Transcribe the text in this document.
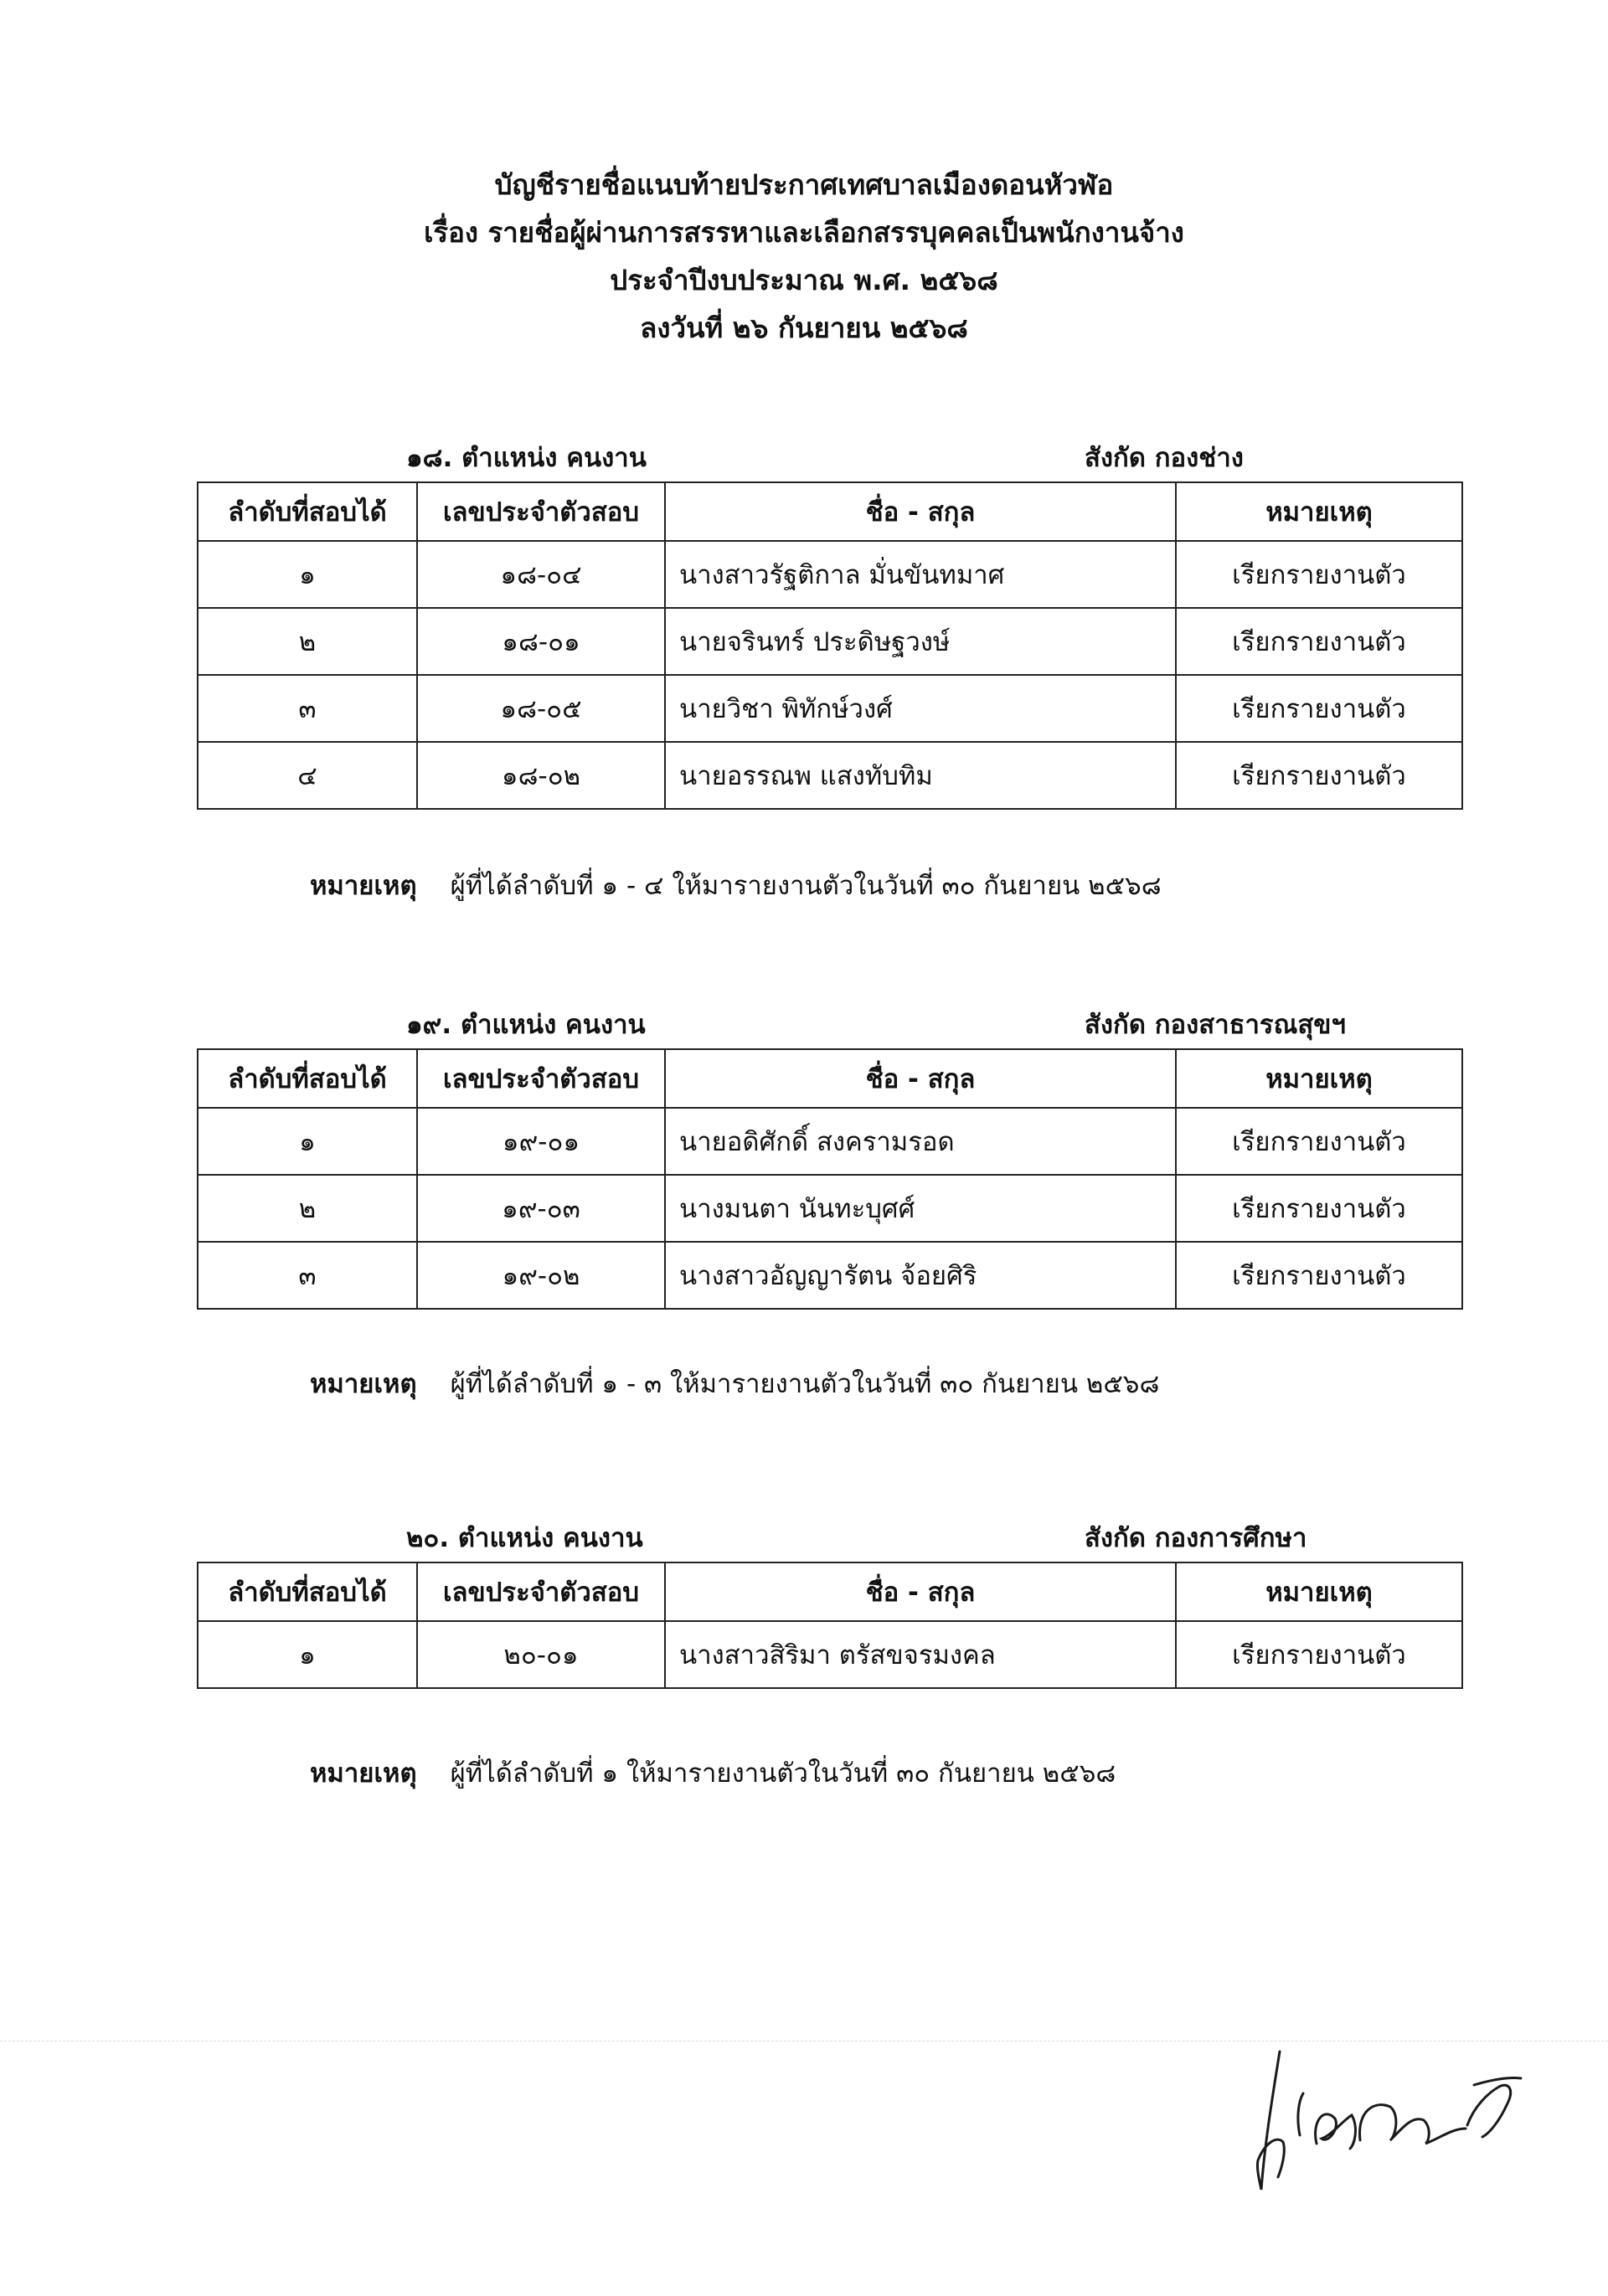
บัญชีรายชื่อแนบท้ายประกาศเทศบาลเมืองดอนหัวฬ่อ
เรื่อง รายชื่อผู้ผ่านการสรรหาและเลือกสรรบุคคลเป็นพนักงานจ้าง
ประจำปีงบประมาณ พ.ศ. ๒๕๖๘
ลงวันที่ ๒๖ กันยายน ๒๕๖๘
๑๘. ตำแหน่ง คนงาน	สังกัด กองช่าง
ลำดับที่สอบได้	เลขประจำตัวสอบ	ชื่อ - สกุล	หมายเหตุ
๑	๑๘-๐๔	นางสาวรัฐติกาล มั่นขันทมาศ	เรียกรายงานตัว
๒	๑๘-๐๑	นายจรินทร์ ประดิษฐวงษ์	เรียกรายงานตัว
๓	๑๘-๐๕	นายวิชา พิทักษ์วงศ์	เรียกรายงานตัว
๔	๑๘-๐๒	นายอรรณพ แสงทับทิม	เรียกรายงานตัว
หมายเหตุ ผู้ที่ได้ลำดับที่ ๑ - ๔ ให้มารายงานตัวในวันที่ ๓๐ กันยายน ๒๕๖๘
๑๙. ตำแหน่ง คนงาน	สังกัด กองสาธารณสุขฯ
ลำดับที่สอบได้	เลขประจำตัวสอบ	ชื่อ - สกุล	หมายเหตุ
๑	๑๙-๐๑	นายอดิศักดิ์ สงครามรอด	เรียกรายงานตัว
๒	๑๙-๐๓	นางมนตา นันทะบุศศ์	เรียกรายงานตัว
๓	๑๙-๐๒	นางสาวอัญญารัตน จ้อยศิริ	เรียกรายงานตัว
หมายเหตุ ผู้ที่ได้ลำดับที่ ๑ - ๓ ให้มารายงานตัวในวันที่ ๓๐ กันยายน ๒๕๖๘
๒๐. ตำแหน่ง คนงาน	สังกัด กองการศึกษา
ลำดับที่สอบได้	เลขประจำตัวสอบ	ชื่อ - สกุล	หมายเหตุ
๑	๒๐-๐๑	นางสาวสิริมา ตรัสขจรมงคล	เรียกรายงานตัว
หมายเหตุ ผู้ที่ได้ลำดับที่ ๑ ให้มารายงานตัวในวันที่ ๓๐ กันยายน ๒๕๖๘
